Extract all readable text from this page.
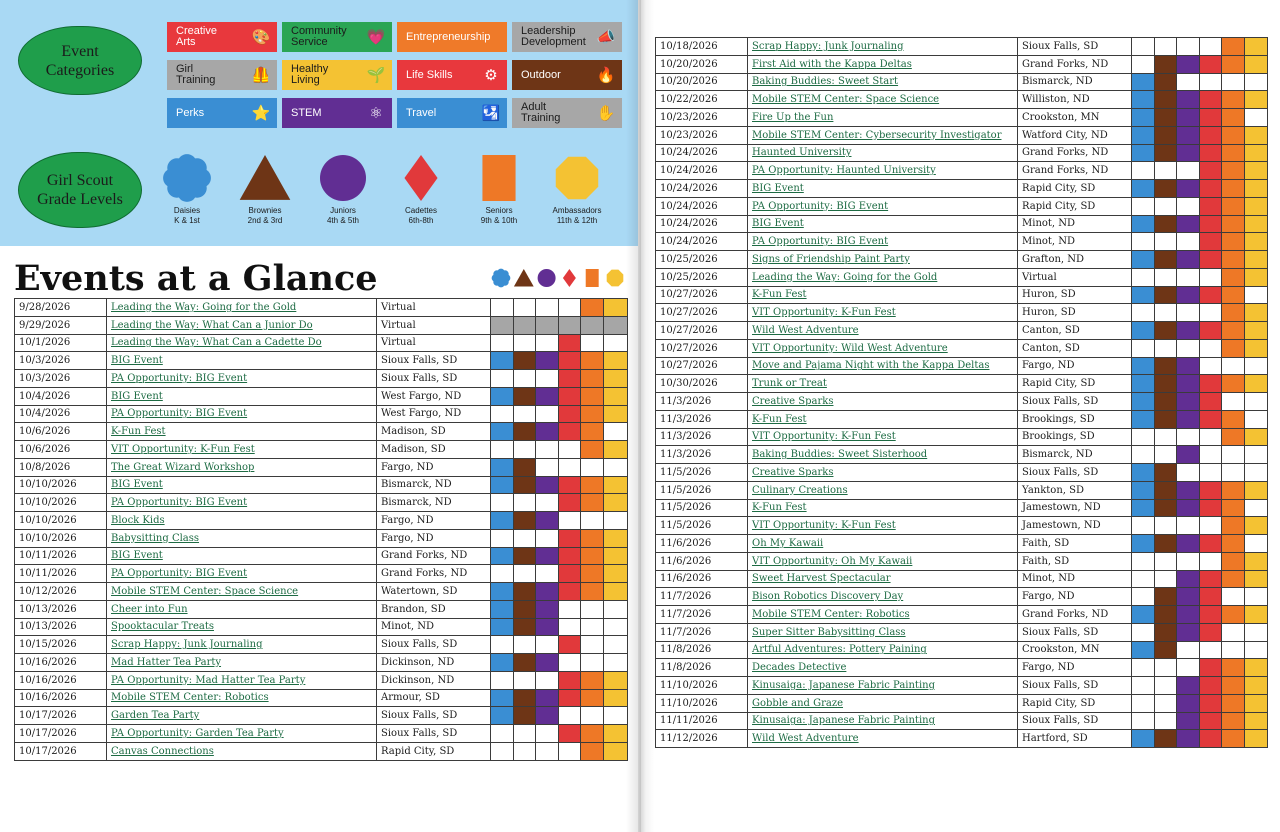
Event
Categories
Girl Scout
Grade Levels
Creative
Arts	🎨 Community
Service	💗 Entrepreneurship	Leadership
Development 📣
Girl
Training 🦺 Healthy
Living	🌱 Life Skills	⚙	Outdoor 🔥
Perks	⭐ STEM	⚛	Travel	🛂 Adult
Training ✋
Daisies
K & 1st
Brownies
2nd & 3rd
Juniors
4th & 5th
Cadettes
6th-8th
Seniors
9th & 10th
Ambassadors
11th & 12th
Events at a Glance
9/28/2026	Leading the Way: Going for the Gold	Virtual						
9/29/2026	Leading the Way: What Can a Junior Do	Virtual						
10/1/2026	Leading the Way: What Can a Cadette Do	Virtual						
10/3/2026	BIG Event	Sioux Falls, SD						
10/3/2026	PA Opportunity: BIG Event	Sioux Falls, SD						
10/4/2026	BIG Event	West Fargo, ND						
10/4/2026	PA Opportunity: BIG Event	West Fargo, ND						
10/6/2026	K-Fun Fest	Madison, SD						
10/6/2026	VIT Opportunity: K-Fun Fest	Madison, SD						
10/8/2026	The Great Wizard Workshop	Fargo, ND						
10/10/2026	BIG Event	Bismarck, ND						
10/10/2026	PA Opportunity: BIG Event	Bismarck, ND						
10/10/2026	Block Kids	Fargo, ND						
10/10/2026	Babysitting Class	Fargo, ND						
10/11/2026	BIG Event	Grand Forks, ND						
10/11/2026	PA Opportunity: BIG Event	Grand Forks, ND						
10/12/2026	Mobile STEM Center: Space Science	Watertown, SD						
10/13/2026	Cheer into Fun	Brandon, SD						
10/13/2026	Spooktacular Treats	Minot, ND						
10/15/2026	Scrap Happy: Junk Journaling	Sioux Falls, SD						
10/16/2026	Mad Hatter Tea Party	Dickinson, ND						
10/16/2026	PA Opportunity: Mad Hatter Tea Party	Dickinson, ND						
10/16/2026	Mobile STEM Center: Robotics	Armour, SD						
10/17/2026	Garden Tea Party	Sioux Falls, SD						
10/17/2026	PA Opportunity: Garden Tea Party	Sioux Falls, SD						
10/17/2026	Canvas Connections	Rapid City, SD						
10/18/2026	Scrap Happy: Junk Journaling	Sioux Falls, SD						
10/20/2026	First Aid with the Kappa Deltas	Grand Forks, ND						
10/20/2026	Baking Buddies: Sweet Start	Bismarck, ND						
10/22/2026	Mobile STEM Center: Space Science	Williston, ND						
10/23/2026	Fire Up the Fun	Crookston, MN						
10/23/2026	Mobile STEM Center: Cybersecurity Investigator	Watford City, ND						
10/24/2026	Haunted University	Grand Forks, ND						
10/24/2026	PA Opportunity: Haunted University	Grand Forks, ND						
10/24/2026	BIG Event	Rapid City, SD						
10/24/2026	PA Opportunity: BIG Event	Rapid City, SD						
10/24/2026	BIG Event	Minot, ND						
10/24/2026	PA Opportunity: BIG Event	Minot, ND						
10/25/2026	Signs of Friendship Paint Party	Grafton, ND						
10/25/2026	Leading the Way: Going for the Gold	Virtual						
10/27/2026	K-Fun Fest	Huron, SD						
10/27/2026	VIT Opportunity: K-Fun Fest	Huron, SD						
10/27/2026	Wild West Adventure	Canton, SD						
10/27/2026	VIT Opportunity: Wild West Adventure	Canton, SD						
10/27/2026	Move and Pajama Night with the Kappa Deltas	Fargo, ND						
10/30/2026	Trunk or Treat	Rapid City, SD						
11/3/2026	Creative Sparks	Sioux Falls, SD						
11/3/2026	K-Fun Fest	Brookings, SD						
11/3/2026	VIT Opportunity: K-Fun Fest	Brookings, SD						
11/3/2026	Baking Buddies: Sweet Sisterhood	Bismarck, ND						
11/5/2026	Creative Sparks	Sioux Falls, SD						
11/5/2026	Culinary Creations	Yankton, SD						
11/5/2026	K-Fun Fest	Jamestown, ND						
11/5/2026	VIT Opportunity: K-Fun Fest	Jamestown, ND						
11/6/2026	Oh My Kawaii	Faith, SD						
11/6/2026	VIT Opportunity: Oh My Kawaii	Faith, SD						
11/6/2026	Sweet Harvest Spectacular	Minot, ND						
11/7/2026	Bison Robotics Discovery Day	Fargo, ND						
11/7/2026	Mobile STEM Center: Robotics	Grand Forks, ND						
11/7/2026	Super Sitter Babysitting Class	Sioux Falls, SD						
11/8/2026	Artful Adventures: Pottery Paining	Crookston, MN						
11/8/2026	Decades Detective	Fargo, ND						
11/10/2026	Kinusaiga: Japanese Fabric Painting	Sioux Falls, SD						
11/10/2026	Gobble and Graze	Rapid City, SD						
11/11/2026	Kinusaiga: Japanese Fabric Painting	Sioux Falls, SD						
11/12/2026	Wild West Adventure	Hartford, SD						
